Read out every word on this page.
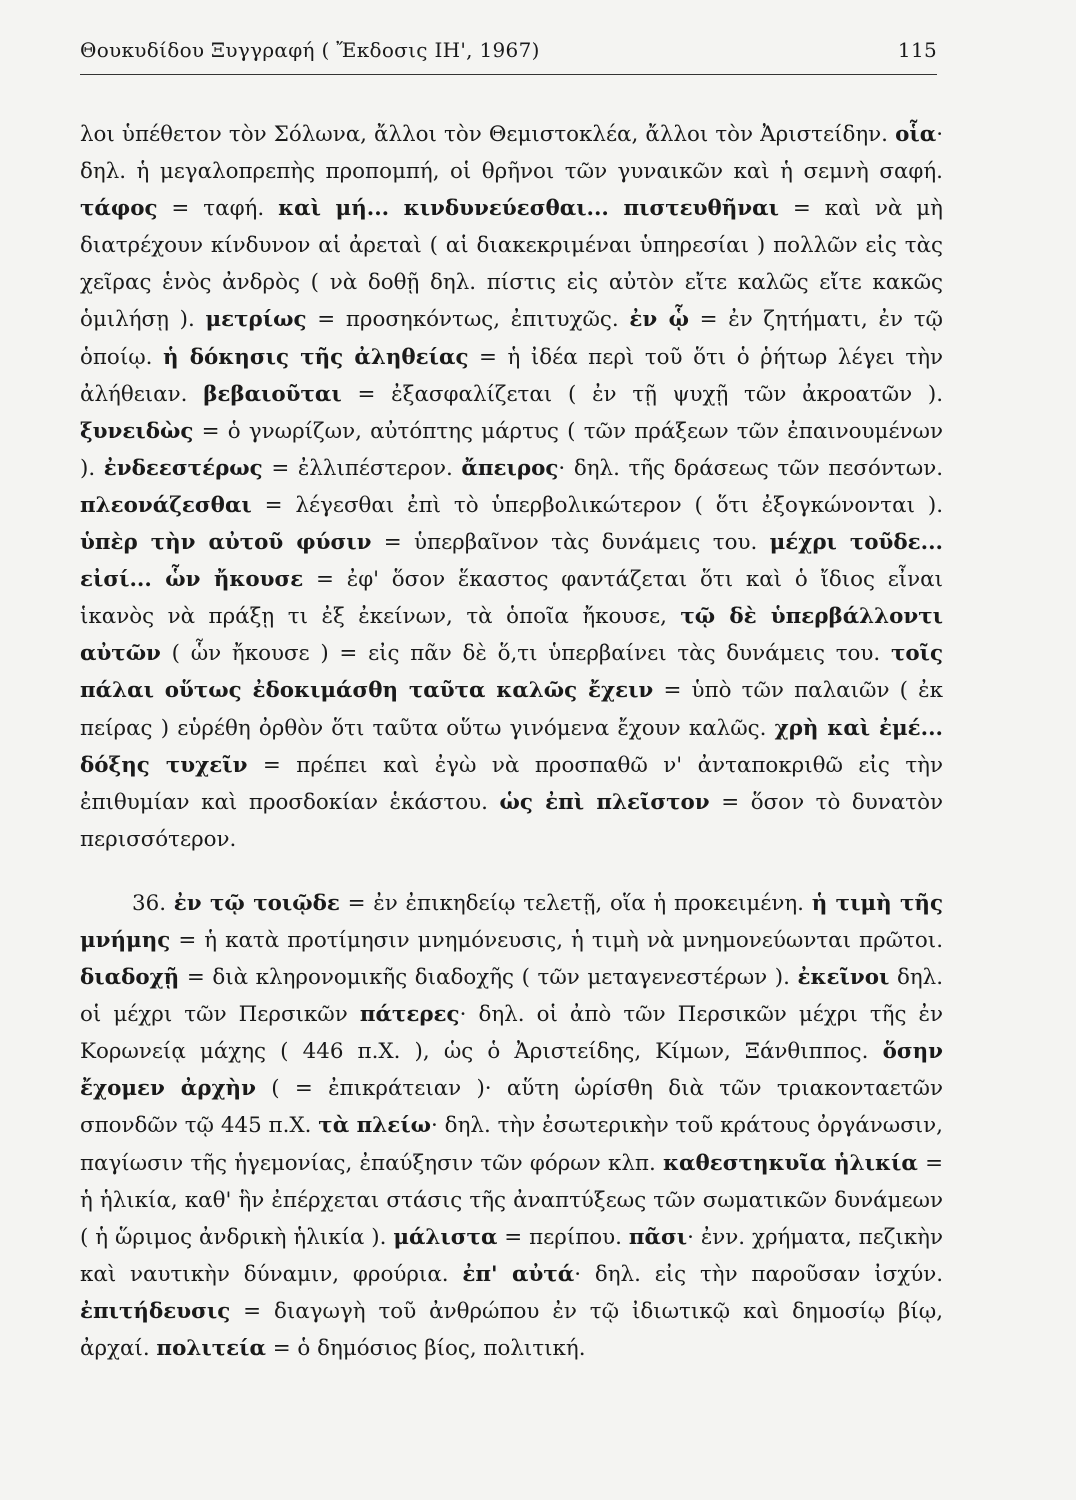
Θουκυδίδου Ξυγγραφή ( Ἔκδοσις ΙΗ', 1967)	115

λοι ὑπέθετον τὸν Σόλωνα, ἄλλοι τὸν Θεμιστοκλέα, ἄλλοι τὸν Ἀριστείδην. οἷα· δηλ. ἡ μεγαλοπρεπὴς προπομπή, οἱ θρῆνοι τῶν γυναικῶν καὶ ἡ σεμνὴ σαφή. τάφος = ταφή. καὶ μή... κινδυνεύεσθαι... πιστευθῆναι = καὶ νὰ μὴ διατρέχουν κίνδυνον αἱ ἀρεταὶ ( αἱ διακεκριμέναι ὑπηρεσίαι ) πολλῶν εἰς τὰς χεῖρας ἑνὸς ἀνδρὸς ( νὰ δοθῇ δηλ. πίστις εἰς αὐτὸν εἴτε καλῶς εἴτε κακῶς ὁμιλήσῃ ). μετρίως = προσηκόντως, ἐπιτυχῶς. ἐν ᾧ = ἐν ζητήματι, ἐν τῷ ὁποίῳ. ἡ δόκησις τῆς ἀληθείας = ἡ ἰδέα περὶ τοῦ ὅτι ὁ ῥήτωρ λέγει τὴν ἀλήθειαν. βεβαιοῦται = ἐξασφαλίζεται ( ἐν τῇ ψυχῇ τῶν ἀκροατῶν ). ξυνειδὼς = ὁ γνωρίζων, αὐτόπτης μάρτυς ( τῶν πράξεων τῶν ἐπαινουμένων ). ἐνδεεστέρως = ἐλλιπέστερον. ἄπειρος· δηλ. τῆς δράσεως τῶν πεσόντων. πλεονάζεσθαι = λέγεσθαι ἐπὶ τὸ ὑπερβολικώτερον ( ὅτι ἐξογκώνονται ). ὑπὲρ τὴν αὐτοῦ φύσιν = ὑπερβαῖνον τὰς δυνάμεις του. μέχρι τοῦδε... εἰσί... ὧν ἤκουσε = ἐφ' ὅσον ἕκαστος φαντάζεται ὅτι καὶ ὁ ἴδιος εἶναι ἱκανὸς νὰ πράξῃ τι ἐξ ἐκείνων, τὰ ὁποῖα ἤκουσε, τῷ δὲ ὑπερβάλλοντι αὐτῶν ( ὧν ἤκουσε ) = εἰς πᾶν δὲ ὅ,τι ὑπερβαίνει τὰς δυνάμεις του. τοῖς πάλαι οὕτως ἐδοκιμάσθη ταῦτα καλῶς ἔχειν = ὑπὸ τῶν παλαιῶν ( ἐκ πείρας ) εὑρέθη ὀρθὸν ὅτι ταῦτα οὕτω γινόμενα ἔχουν καλῶς. χρὴ καὶ ἐμέ... δόξης τυχεῖν = πρέπει καὶ ἐγὼ νὰ προσπαθῶ ν' ἀνταποκριθῶ εἰς τὴν ἐπιθυμίαν καὶ προσδοκίαν ἑκάστου. ὡς ἐπὶ πλεῖστον = ὅσον τὸ δυνατὸν περισσότερον.

36. ἐν τῷ τοιῷδε = ἐν ἐπικηδείῳ τελετῇ, οἵα ἡ προκειμένη. ἡ τιμὴ τῆς μνήμης = ἡ κατὰ προτίμησιν μνημόνευσις, ἡ τιμὴ νὰ μνημονεύωνται πρῶτοι. διαδοχῇ = διὰ κληρονομικῆς διαδοχῆς ( τῶν μεταγενεστέρων ). ἐκεῖνοι δηλ. οἱ μέχρι τῶν Περσικῶν πάτερες· δηλ. οἱ ἀπὸ τῶν Περσικῶν μέχρι τῆς ἐν Κορωνείᾳ μάχης ( 446 π.Χ. ), ὡς ὁ Ἀριστείδης, Κίμων, Ξάνθιππος. ὅσην ἔχομεν ἀρχὴν ( = ἐπικράτειαν )· αὕτη ὡρίσθη διὰ τῶν τριακονταετῶν σπονδῶν τῷ 445 π.Χ. τὰ πλείω· δηλ. τὴν ἐσωτερικὴν τοῦ κράτους ὀργάνωσιν, παγίωσιν τῆς ἡγεμονίας, ἐπαύξησιν τῶν φόρων κλπ. καθεστηκυῖα ἡλικία = ἡ ἡλικία, καθ' ἣν ἐπέρχεται στάσις τῆς ἀναπτύξεως τῶν σωματικῶν δυνάμεων ( ἡ ὥριμος ἀνδρικὴ ἡλικία ). μάλιστα = περίπου. πᾶσι· ἐνν. χρήματα, πεζικὴν καὶ ναυτικὴν δύναμιν, φρούρια. ἐπ' αὐτά· δηλ. εἰς τὴν παροῦσαν ἰσχύν. ἐπιτήδευσις = διαγωγὴ τοῦ ἀνθρώπου ἐν τῷ ἰδιωτικῷ καὶ δημοσίῳ βίῳ, ἀρχαί. πολιτεία = ὁ δημόσιος βίος, πολιτική.
